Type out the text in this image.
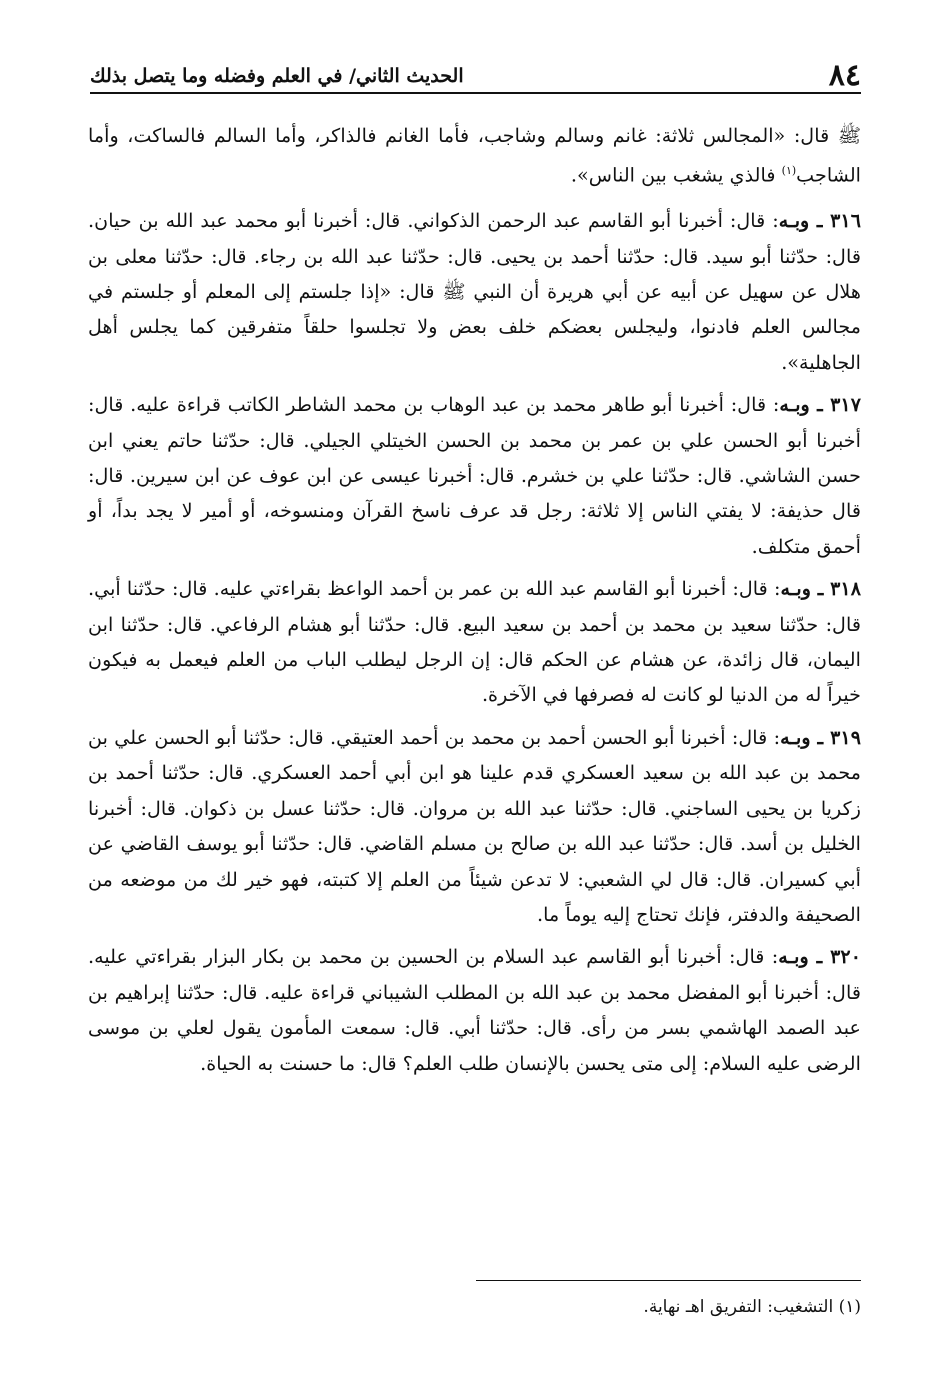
٨٤
الحديث الثاني/ في العلم وفضله وما يتصل بذلك

ﷺ قال: «المجالس ثلاثة: غانم وسالم وشاجب، فأما الغانم فالذاكر، وأما السالم فالساكت، وأما الشاجب$^{(١)}$ فالذي يشغب بين الناس».

٣١٦ ـ وبـه: قال: أخبرنا أبو القاسم عبد الرحمن الذكواني. قال: أخبرنا أبو محمد عبد الله بن حيان. قال: حدّثنا أبو سيد. قال: حدّثنا أحمد بن يحيى. قال: حدّثنا عبد الله بن رجاء. قال: حدّثنا معلى بن هلال عن سهيل عن أبيه عن أبي هريرة أن النبي ﷺ قال: «إذا جلستم إلى المعلم أو جلستم في مجالس العلم فادنوا، وليجلس بعضكم خلف بعض ولا تجلسوا حلقاً متفرقين كما يجلس أهل الجاهلية».

٣١٧ ـ وبـه: قال: أخبرنا أبو طاهر محمد بن عبد الوهاب بن محمد الشاطر الكاتب قراءة عليه. قال: أخبرنا أبو الحسن علي بن عمر بن محمد بن الحسن الخيتلي الجيلي. قال: حدّثنا حاتم يعني ابن حسن الشاشي. قال: حدّثنا علي بن خشرم. قال: أخبرنا عيسى عن ابن عوف عن ابن سيرين. قال: قال حذيفة: لا يفتي الناس إلا ثلاثة: رجل قد عرف ناسخ القرآن ومنسوخه، أو أمير لا يجد بداً، أو أحمق متكلف.

٣١٨ ـ وبـه: قال: أخبرنا أبو القاسم عبد الله بن عمر بن أحمد الواعظ بقراءتي عليه. قال: حدّثنا أبي. قال: حدّثنا سعيد بن محمد بن أحمد بن سعيد البيع. قال: حدّثنا أبو هشام الرفاعي. قال: حدّثنا ابن اليمان، قال زائدة، عن هشام عن الحكم قال: إن الرجل ليطلب الباب من العلم فيعمل به فيكون خيراً له من الدنيا لو كانت له فصرفها في الآخرة.

٣١٩ ـ وبـه: قال: أخبرنا أبو الحسن أحمد بن محمد بن أحمد العتيقي. قال: حدّثنا أبو الحسن علي بن محمد بن عبد الله بن سعيد العسكري قدم علينا هو ابن أبي أحمد العسكري. قال: حدّثنا أحمد بن زكريا بن يحيى الساجني. قال: حدّثنا عبد الله بن مروان. قال: حدّثنا عسل بن ذكوان. قال: أخبرنا الخليل بن أسد. قال: حدّثنا عبد الله بن صالح بن مسلم القاضي. قال: حدّثنا أبو يوسف القاضي عن أبي كسيران. قال: قال لي الشعبي: لا تدعن شيئاً من العلم إلا كتبته، فهو خير لك من موضعه من الصحيفة والدفتر، فإنك تحتاج إليه يوماً ما.

٣٢٠ ـ وبـه: قال: أخبرنا أبو القاسم عبد السلام بن الحسين بن محمد بن بكار البزار بقراءتي عليه. قال: أخبرنا أبو المفضل محمد بن عبد الله بن المطلب الشيباني قراءة عليه. قال: حدّثنا إبراهيم بن عبد الصمد الهاشمي بسر من رأى. قال: حدّثنا أبي. قال: سمعت المأمون يقول لعلي بن موسى الرضى عليه السلام: إلى متى يحسن بالإنسان طلب العلم؟ قال: ما حسنت به الحياة.

(١) التشغيب: التفريق اهـ نهاية.
